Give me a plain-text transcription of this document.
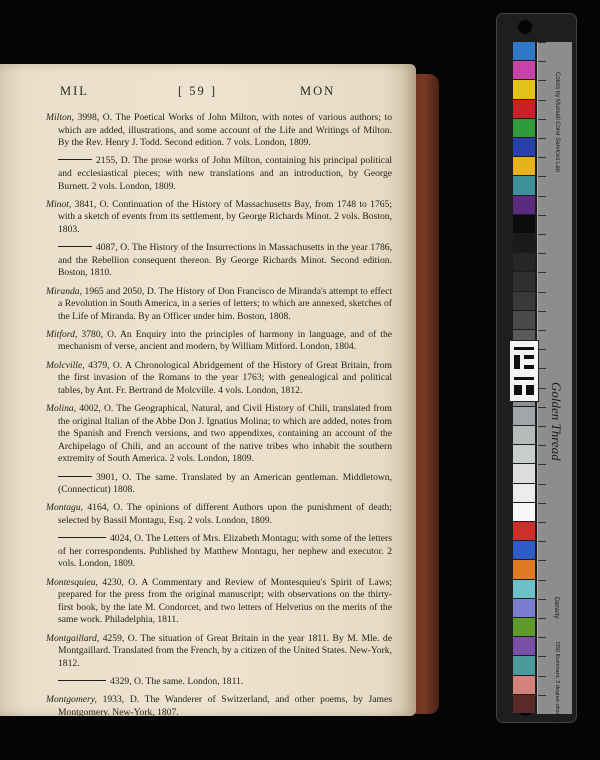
MIL	[ 59 ]	MON

Milton, 3998, O. The Poetical Works of John Milton, with notes of various authors; to which are added, illustrations, and some account of the Life and Writings of Milton. By the Rev. Henry J. Todd. Second edition. 7 vols. London, 1809.

2155, D. The prose works of John Milton, containing his principal political and ecclesiastical pieces; with new translations and an introduction, by George Burnett. 2 vols. London, 1809.

Minot, 3841, O. Continuation of the History of Massachusetts Bay, from 1748 to 1765; with a sketch of events from its settlement, by George Richards Minot. 2 vols. Boston, 1803.

4087, O. The History of the Insurrections in Massachusetts in the year 1786, and the Rebellion consequent thereon. By George Richards Minot. Second edition. Boston, 1810.

Miranda, 1965 and 2050, D. The History of Don Francisco de Miranda's attempt to effect a Revolution in South America, in a series of letters; to which are annexed, sketches of the Life of Miranda. By an Officer under him. Boston, 1808.

Mitford, 3780, O. An Enquiry into the principles of harmony in language, and of the mechanism of verse, ancient and modern, by William Mitford. London, 1804.

Molcville, 4379, O. A Chronological Abridgement of the History of Great Britain, from the first invasion of the Romans to the year 1763; with genealogical and political tables, by Ant. Fr. Bertrand de Molcville. 4 vols. London, 1812.

Molina, 4002, O. The Geographical, Natural, and Civil History of Chili, translated from the original Italian of the Abbe Don J. Ignatius Molina; to which are added, notes from the Spanish and French versions, and two appendixes, containing an account of the Archipelago of Chili, and an account of the native tribes who inhabit the southern extremity of South America. 2 vols. London, 1809.

3901, O. The same. Translated by an American gentleman. Middletown, (Connecticut) 1808.

Montagu, 4164, O. The opinions of different Authors upon the punishment of death; selected by Bassil Montagu, Esq. 2 vols. London, 1809.

4024, O. The Letters of Mrs. Elizabeth Montagu; with some of the letters of her correspondents. Published by Matthew Montagu, her nephew and executor. 2 vols. London, 1809.

Montesquieu, 4230, O. A Commentary and Review of Montesquieu's Spirit of Laws; prepared for the press from the original manuscript; with observations on the thirty-first book, by the late M. Condorcet, and two letters of Helvetius on the merits of the same work. Philadelphia, 1811.

Montgaillard, 4259, O. The situation of Great Britain in the year 1811. By M. Mle. de Montgaillard. Translated from the French, by a citizen of the United States. New-York, 1812.

4329, O. The same. London, 1811.

Montgomery, 1933, D. The Wanderer of Switzerland, and other poems, by James Montgomery. New-York, 1807.

Colors by Munsell Color Services Lab
Golden Thread
Density
D50 Illuminant, 2 degree observer
